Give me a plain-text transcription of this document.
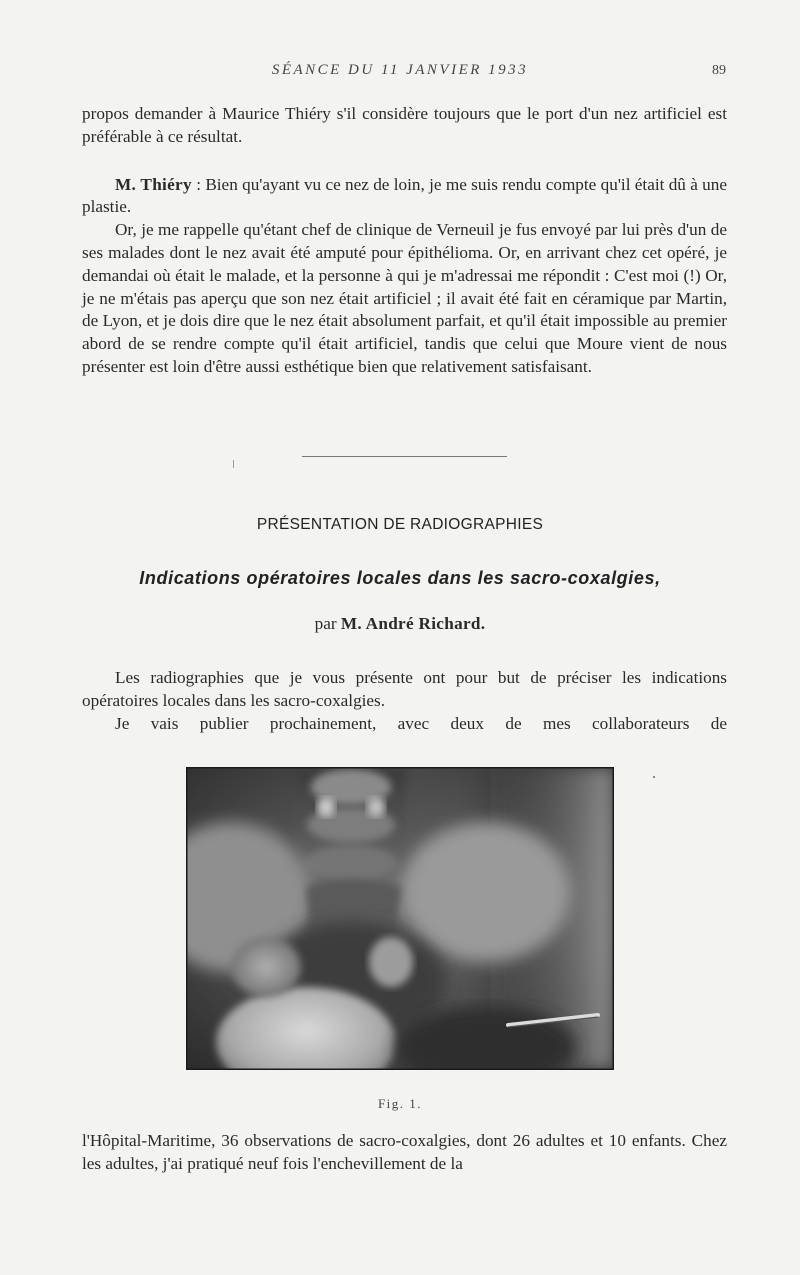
SÉANCE DU 11 JANVIER 1933	89

propos demander à Maurice Thiéry s'il considère toujours que le port d'un nez artificiel est préférable à ce résultat.

M. Thiéry : Bien qu'ayant vu ce nez de loin, je me suis rendu compte qu'il était dû à une plastie.

Or, je me rappelle qu'étant chef de clinique de Verneuil je fus envoyé par lui près d'un de ses malades dont le nez avait été amputé pour épithélioma. Or, en arrivant chez cet opéré, je demandai où était le malade, et la personne à qui je m'adressai me répondit : C'est moi (!) Or, je ne m'étais pas aperçu que son nez était artificiel ; il avait été fait en céramique par Martin, de Lyon, et je dois dire que le nez était absolument parfait, et qu'il était impossible au premier abord de se rendre compte qu'il était artificiel, tandis que celui que Moure vient de nous présenter est loin d'être aussi esthétique bien que relativement satisfaisant.

PRÉSENTATION DE RADIOGRAPHIES
Indications opératoires locales dans les sacro-coxalgies,
par M. André Richard.

Les radiographies que je vous présente ont pour but de préciser les indications opératoires locales dans les sacro-coxalgies.

Je vais publier prochainement, avec deux de mes collaborateurs de

Fig. 1.

l'Hôpital-Maritime, 36 observations de sacro-coxalgies, dont 26 adultes et 10 enfants. Chez les adultes, j'ai pratiqué neuf fois l'enchevillement de la
